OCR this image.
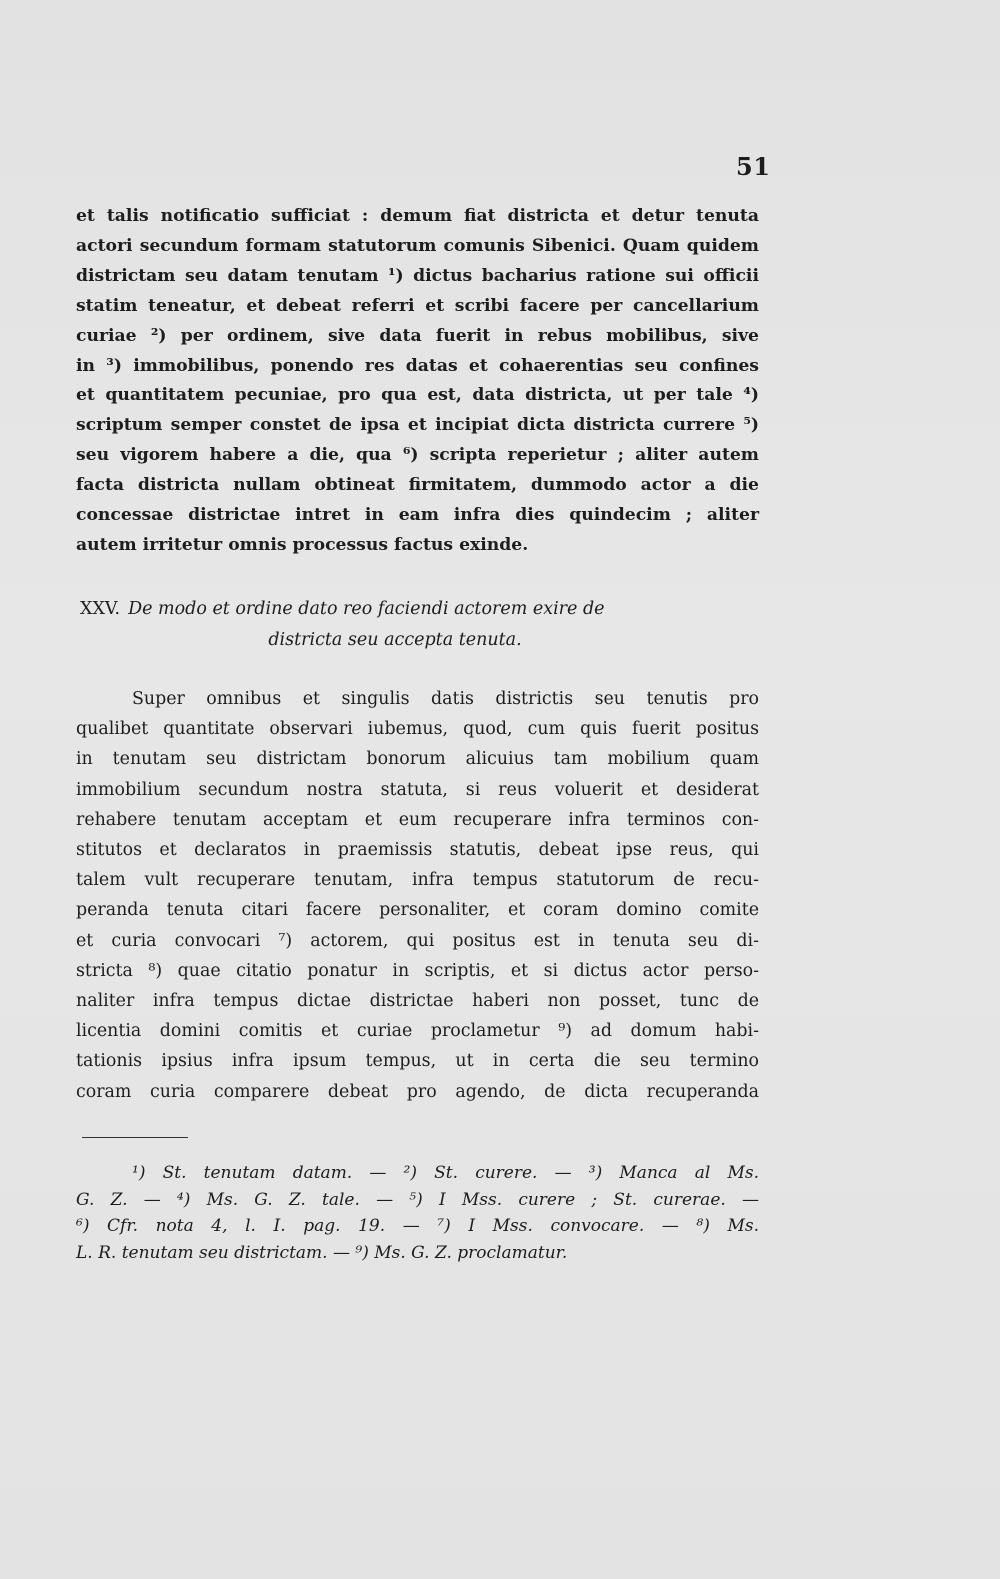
51
et talis notificatio sufficiat : demum fiat districta et detur tenuta
actori secundum formam statutorum comunis Sibenici. Quam quidem
districtam seu datam tenutam ¹) dictus bacharius ratione sui officii
statim teneatur, et debeat referri et scribi facere per cancellarium
curiae ²) per ordinem, sive data fuerit in rebus mobilibus, sive
in ³) immobilibus, ponendo res datas et cohaerentias seu confines
et quantitatem pecuniae, pro qua est, data districta, ut per tale ⁴)
scriptum semper constet de ipsa et incipiat dicta districta currere ⁵)
seu vigorem habere a die, qua ⁶) scripta reperietur ; aliter autem
facta districta nullam obtineat firmitatem, dummodo actor a die
concessae districtae intret in eam infra dies quindecim ; aliter
autem irritetur omnis processus factus exinde.
XXV. De modo et ordine dato reo faciendi actorem exire de
districta seu accepta tenuta.
Super omnibus et singulis datis districtis seu tenutis pro
qualibet quantitate observari iubemus, quod, cum quis fuerit positus
in tenutam seu districtam bonorum alicuius tam mobilium quam
immobilium secundum nostra statuta, si reus voluerit et desiderat
rehabere tenutam acceptam et eum recuperare infra terminos con-
stitutos et declaratos in praemissis statutis, debeat ipse reus, qui
talem vult recuperare tenutam, infra tempus statutorum de recu-
peranda tenuta citari facere personaliter, et coram domino comite
et curia convocari ⁷) actorem, qui positus est in tenuta seu di-
stricta ⁸) quae citatio ponatur in scriptis, et si dictus actor perso-
naliter infra tempus dictae districtae haberi non posset, tunc de
licentia domini comitis et curiae proclametur ⁹) ad domum habi-
tationis ipsius infra ipsum tempus, ut in certa die seu termino
coram curia comparere debeat pro agendo, de dicta recuperanda
¹) St. tenutam datam. — ²) St. curere. — ³) Manca al Ms.
G. Z. — ⁴) Ms. G. Z. tale. — ⁵) I Mss. curere ; St. curerae. —
⁶) Cfr. nota 4, l. I. pag. 19. — ⁷) I Mss. convocare. — ⁸) Ms.
L. R. tenutam seu districtam. — ⁹) Ms. G. Z. proclamatur.
